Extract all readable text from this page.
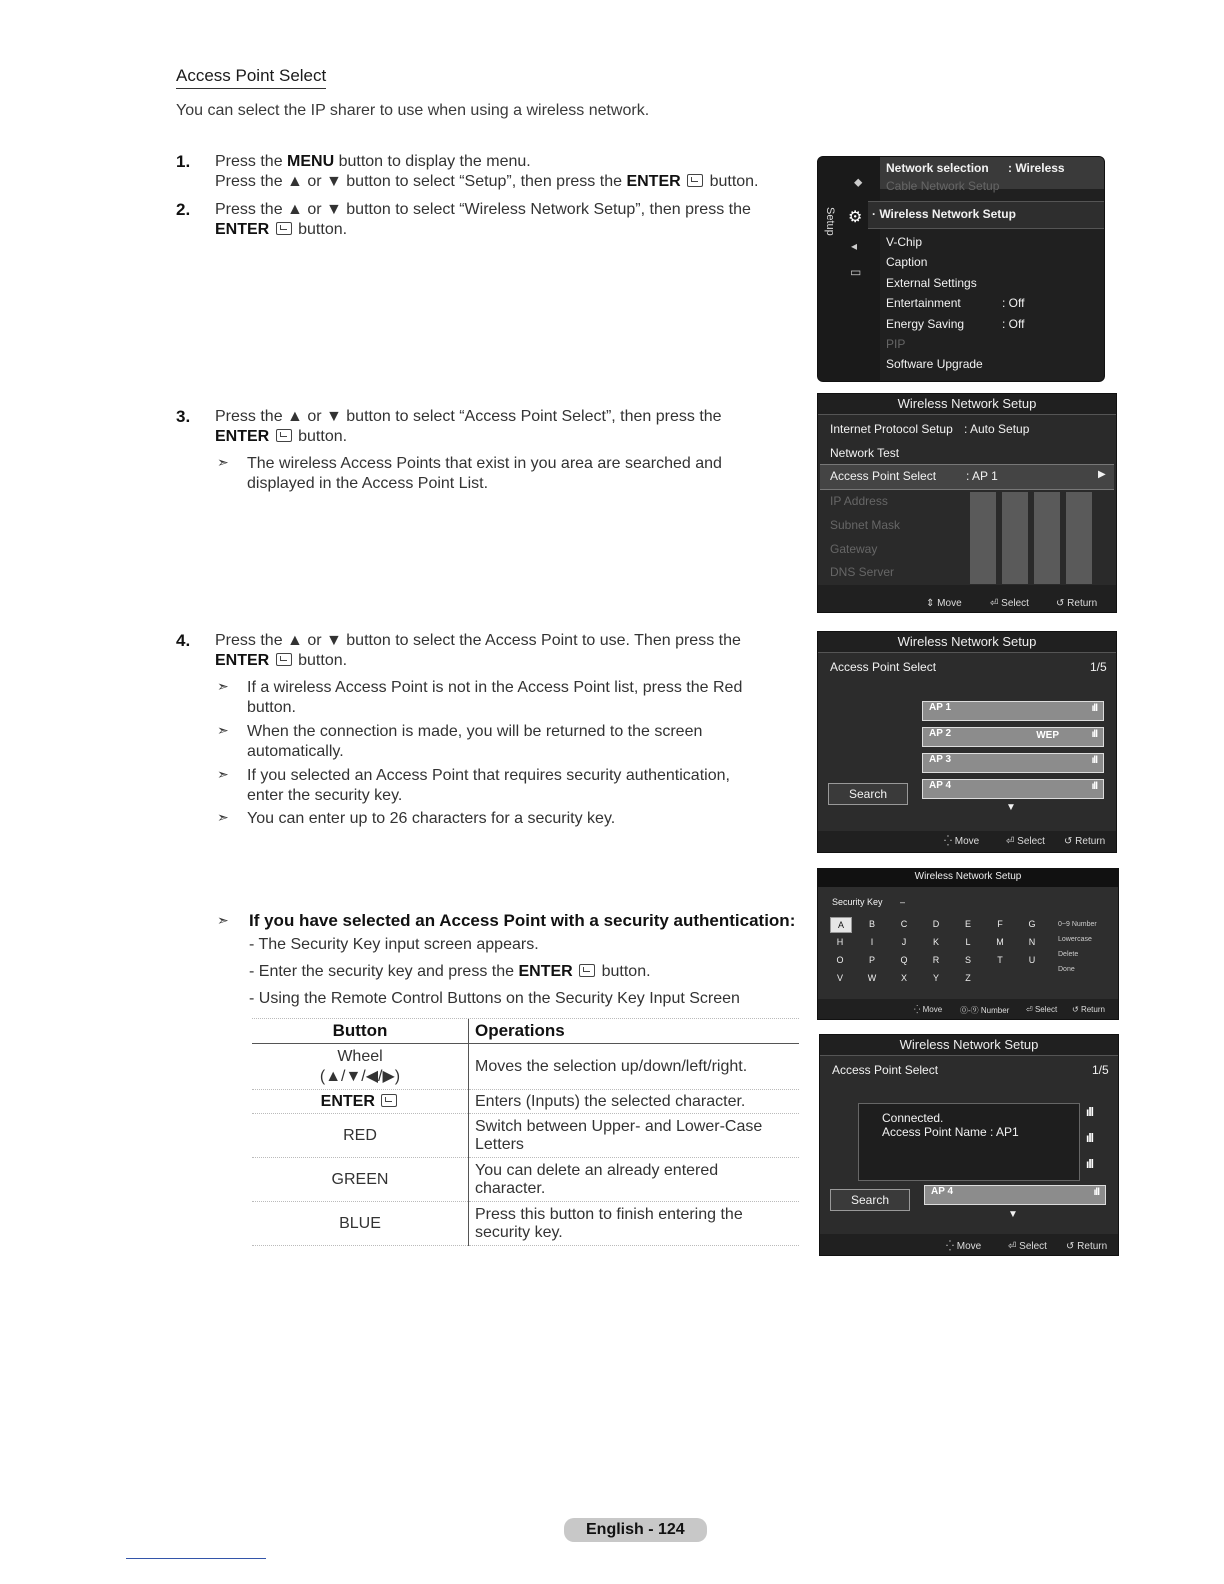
Access Point Select
You can select the IP sharer to use when using a wireless network.
1. Press the MENU button to display the menu.
Press the ▲ or ▼ button to select “Setup”, then press the ENTER  button.
2. Press the ▲ or ▼ button to select “Wireless Network Setup”, then press the
ENTER  button.
3. Press the ▲ or ▼ button to select “Access Point Select”, then press the
ENTER  button.
➣ The wireless Access Points that exist in you area are searched and
displayed in the Access Point List.
4. Press the ▲ or ▼ button to select the Access Point to use. Then press the
ENTER  button.
➣ If a wireless Access Point is not in the Access Point list, press the Red
button.
➣ When the connection is made, you will be returned to the screen
automatically.
➣ If you selected an Access Point that requires security authentication,
enter the security key.
➣ You can enter up to 26 characters for a security key.
➣ If you have selected an Access Point with a security authentication:
- The Security Key input screen appears.
- Enter the security key and press the ENTER  button.
- Using the Remote Control Buttons on the Security Key Input Screen
Button	Operations

Wheel
(▲/▼/◀/▶)	Moves the selection up/down/left/right.
ENTER	Enters (Inputs) the selected character.
RED	Switch between Upper- and Lower-Case
Letters

GREEN	You can delete an already entered
character.

BLUE	Press this button to finish entering the
security key.
Setup
⬥
⚙
◂
▭
Network selection : Wireless
Cable Network Setup
· Wireless Network Setup
V-Chip
Caption
External Settings
Entertainment	: Off
Energy Saving	: Off
PIP
Software Upgrade
Wireless Network Setup
Internet Protocol Setup : Auto Setup
Network Test
Access Point Select : AP 1	▶
IP Address
Subnet Mask
Gateway
DNS Server
⇕ Move	⏎ Select	↺ Return
Wireless Network Setup
Access Point Select	1/5
AP 1	ıll
AP 2	WEP	ıll
AP 3	ıll
AP 4	ıll
Search
▼
⁛ Move	⏎ Select ↺ Return
Wireless Network Setup
Security Key –
A	B	C	D	E	F	G
H	I	J	K	L	M	N
O	P	Q	R	S	T	U
V	W	X	Y	Z
0~9 Number
Lowercase
Delete
Done
⁛ Move ⓪-⑨ Number ⏎ Select ↺ Return
Wireless Network Setup
Access Point Select	1/5
Connected.
Access Point Name : AP1
ıll
ıll
ıll
AP 4	ıll
Search
▼
⁛ Move	⏎ Select ↺ Return
English - 124
